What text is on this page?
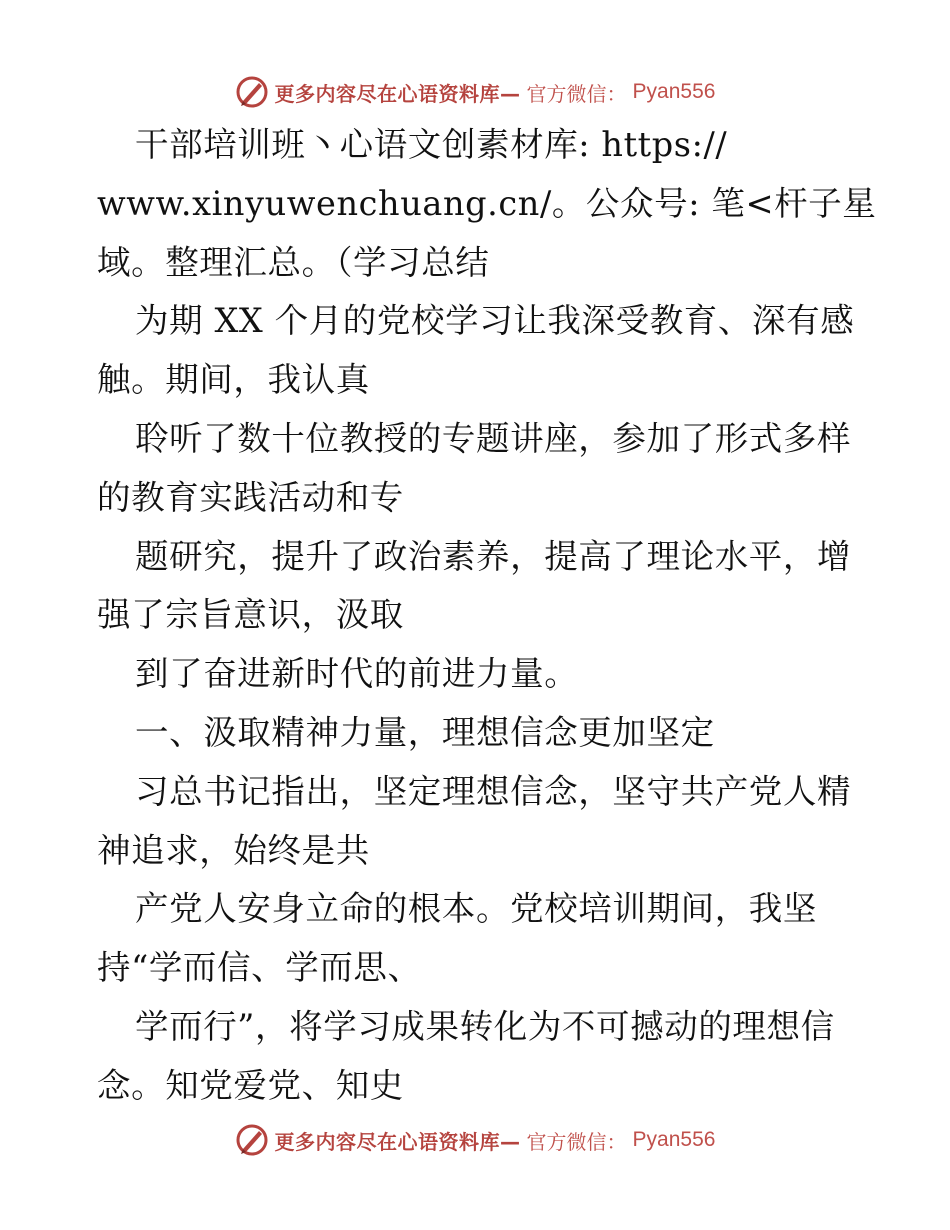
更多内容尽在心语资料库— 官方微信： Pyan556
干部培训班丶心语文创素材库: https://
www.xinyuwenchuang.cn/。公众号: 笔<杆子星
域。整理汇总。（学习总结
为期 XX 个月的党校学习让我深受教育、深有感
触。期间，我认真
聆听了数十位教授的专题讲座，参加了形式多样
的教育实践活动和专
题研究，提升了政治素养，提高了理论水平，增
强了宗旨意识，汲取
到了奋进新时代的前进力量。
一、汲取精神力量，理想信念更加坚定
习总书记指出，坚定理想信念，坚守共产党人精
神追求，始终是共
产党人安身立命的根本。党校培训期间，我坚
持“学而信、学而思、
学而行”，将学习成果转化为不可撼动的理想信
念。知党爱党、知史
更多内容尽在心语资料库— 官方微信： Pyan556
